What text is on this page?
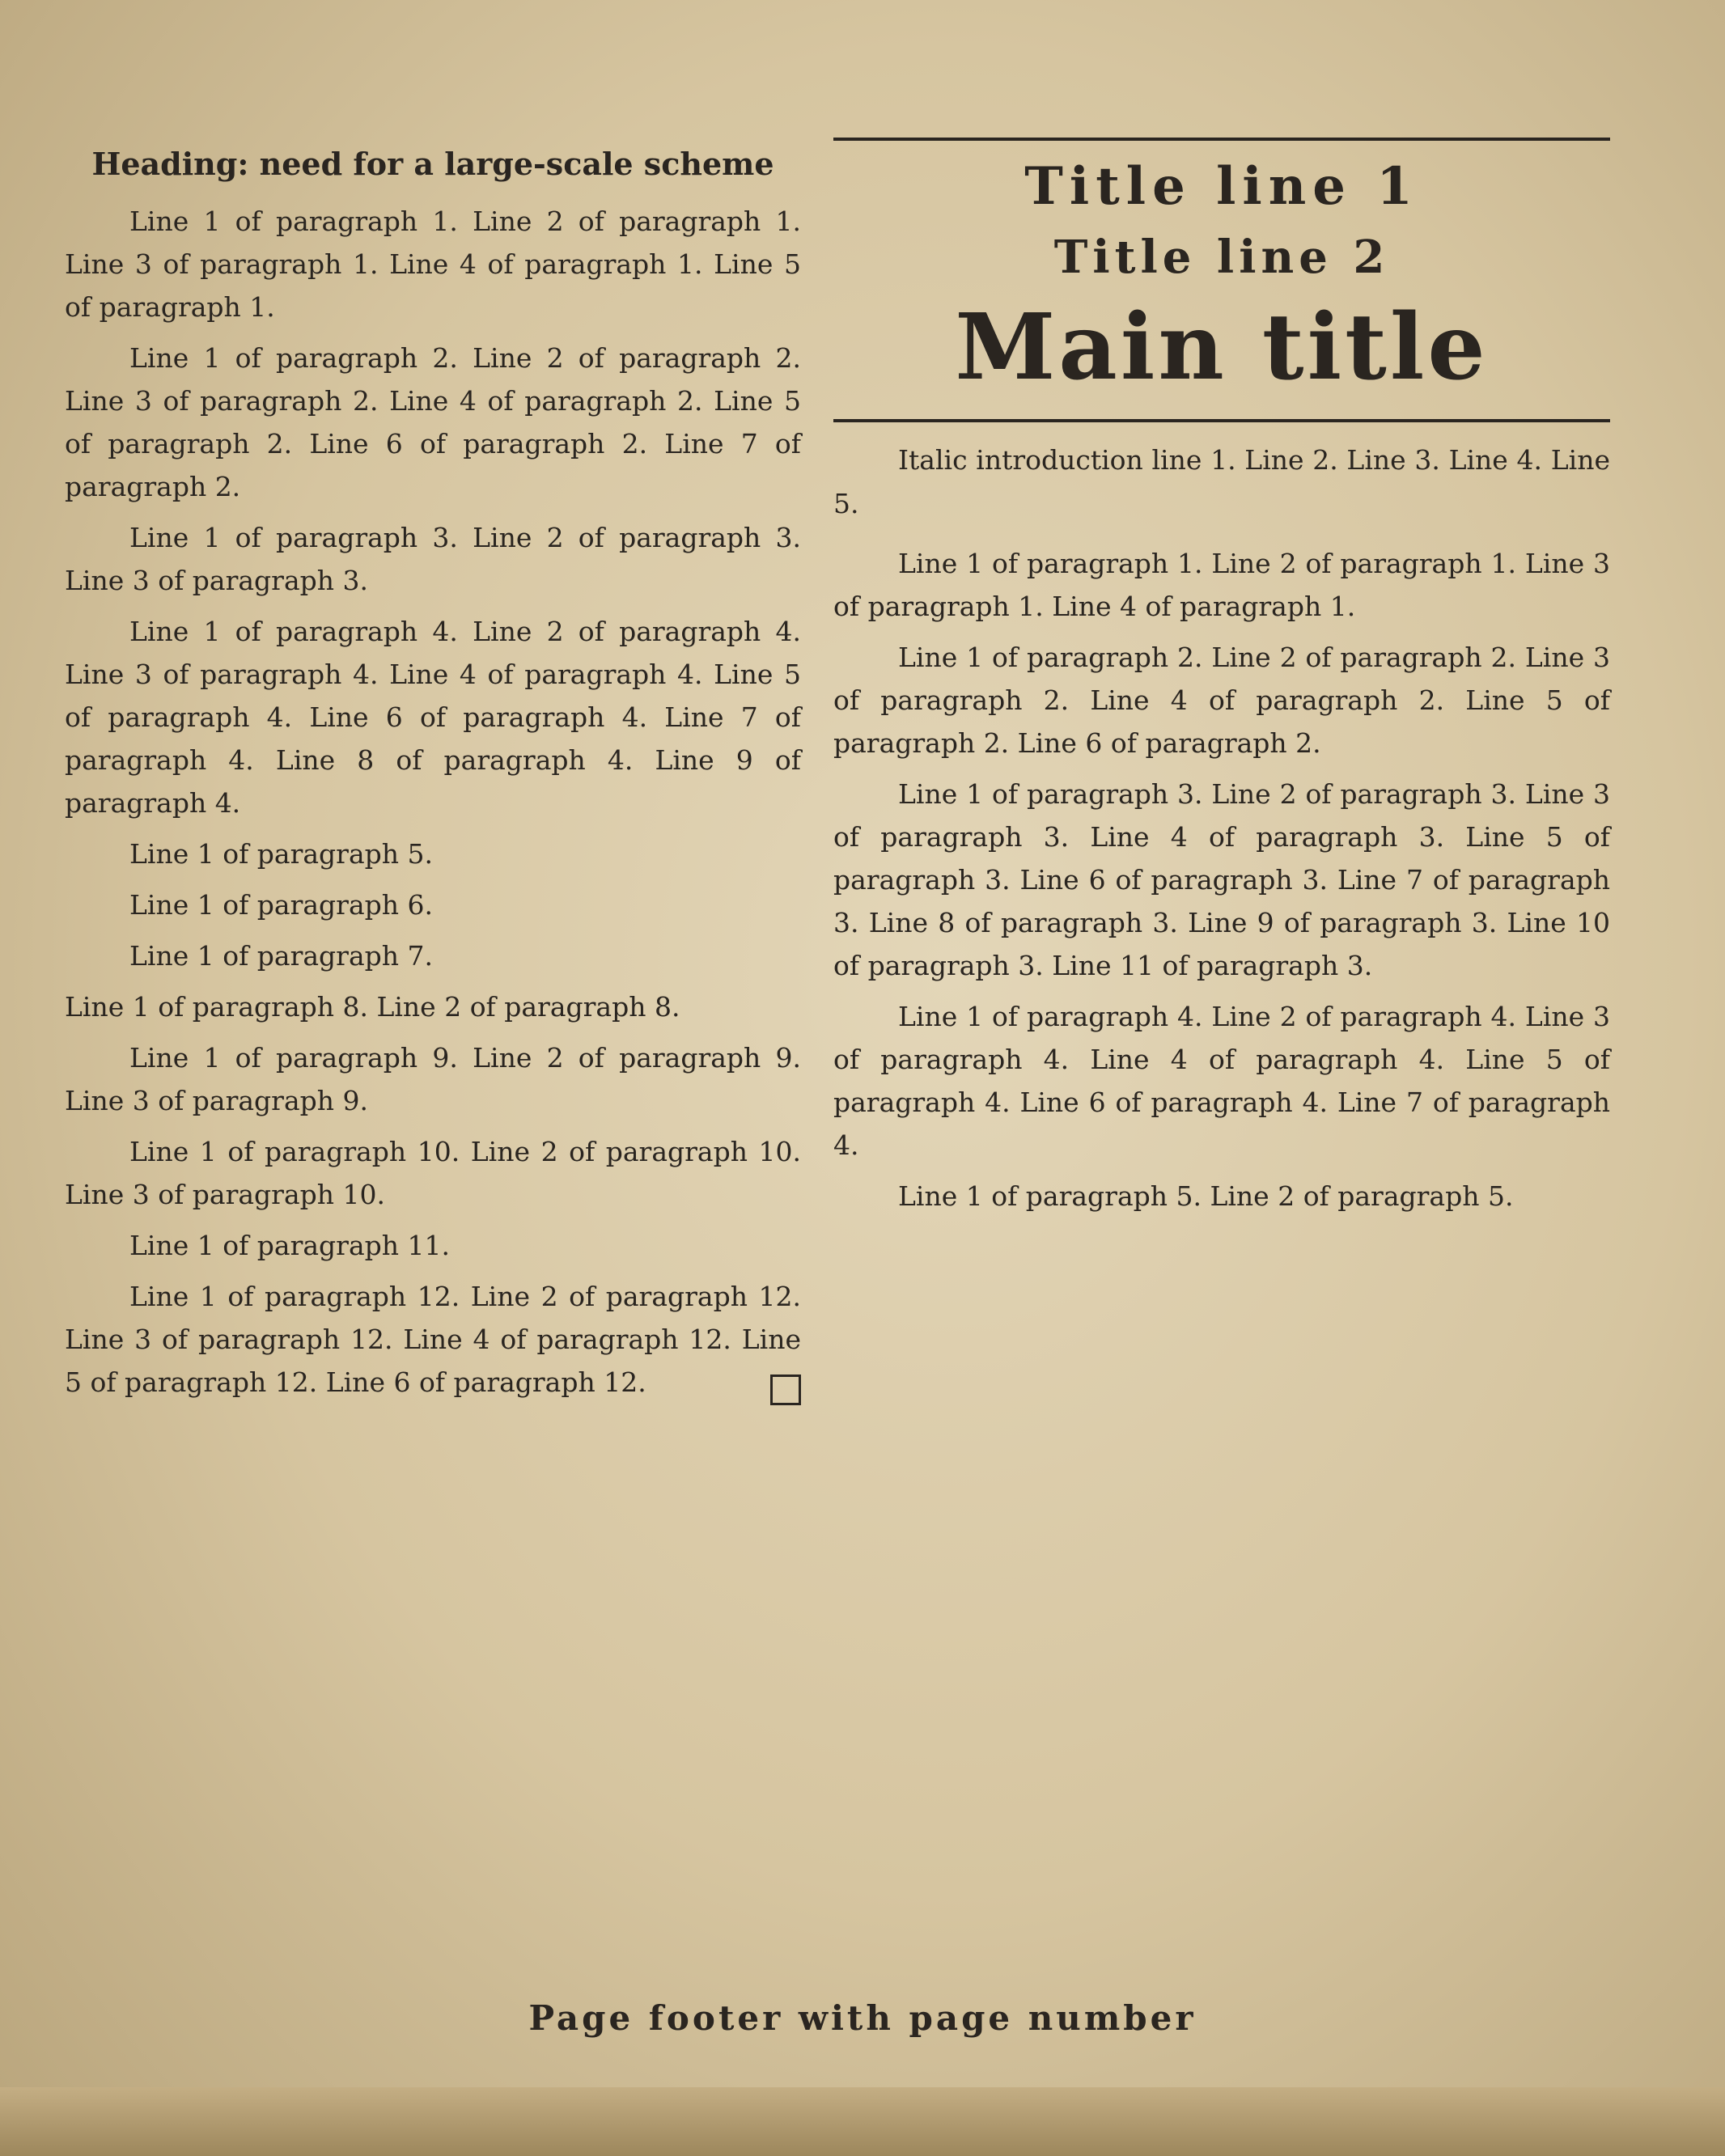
Heading: need for a large-scale scheme

Line 1 of paragraph 1. Line 2 of paragraph 1. Line 3 of paragraph 1. Line 4 of paragraph 1. Line 5 of paragraph 1.

Line 1 of paragraph 2. Line 2 of paragraph 2. Line 3 of paragraph 2. Line 4 of paragraph 2. Line 5 of paragraph 2. Line 6 of paragraph 2. Line 7 of paragraph 2.

Line 1 of paragraph 3. Line 2 of paragraph 3. Line 3 of paragraph 3.

Line 1 of paragraph 4. Line 2 of paragraph 4. Line 3 of paragraph 4. Line 4 of paragraph 4. Line 5 of paragraph 4. Line 6 of paragraph 4. Line 7 of paragraph 4. Line 8 of paragraph 4. Line 9 of paragraph 4.

Line 1 of paragraph 5.

Line 1 of paragraph 6.

Line 1 of paragraph 7.

Line 1 of paragraph 8. Line 2 of paragraph 8.

Line 1 of paragraph 9. Line 2 of paragraph 9. Line 3 of paragraph 9.

Line 1 of paragraph 10. Line 2 of paragraph 10. Line 3 of paragraph 10.

Line 1 of paragraph 11.

Line 1 of paragraph 12. Line 2 of paragraph 12. Line 3 of paragraph 12. Line 4 of paragraph 12. Line 5 of paragraph 12. Line 6 of paragraph 12.

Title line 1
Title line 2
Main title

Italic introduction line 1. Line 2. Line 3. Line 4. Line 5.

Line 1 of paragraph 1. Line 2 of paragraph 1. Line 3 of paragraph 1. Line 4 of paragraph 1.

Line 1 of paragraph 2. Line 2 of paragraph 2. Line 3 of paragraph 2. Line 4 of paragraph 2. Line 5 of paragraph 2. Line 6 of paragraph 2.

Line 1 of paragraph 3. Line 2 of paragraph 3. Line 3 of paragraph 3. Line 4 of paragraph 3. Line 5 of paragraph 3. Line 6 of paragraph 3. Line 7 of paragraph 3. Line 8 of paragraph 3. Line 9 of paragraph 3. Line 10 of paragraph 3. Line 11 of paragraph 3.

Line 1 of paragraph 4. Line 2 of paragraph 4. Line 3 of paragraph 4. Line 4 of paragraph 4. Line 5 of paragraph 4. Line 6 of paragraph 4. Line 7 of paragraph 4.

Line 1 of paragraph 5. Line 2 of paragraph 5.

Page footer with page number
